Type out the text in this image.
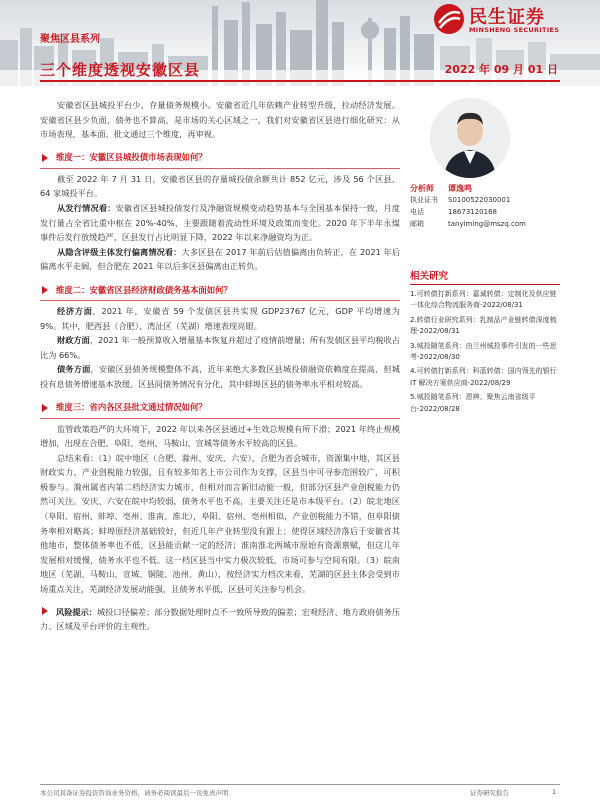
民生证券
MINSHENG SECURITIES
聚焦区县系列
三个维度透视安徽区县	2022 年 09 月 01 日

安徽省区县城投平台少，存量债务规模小。安徽省近几年依赖产业转型升级，拉动经济发展。安徽省区县少负面，债务也不算高，是市场的关心区域之一，我们对安徽省区县进行细化研究：从市场表现、基本面、批文通过三个维度，再审视。

维度一：安徽区县城投债市场表现如何？

截至 2022 年 7 月 31 日，安徽省区县的存量城投债余额共计 852 亿元，涉及 56 个区县、64 家城投平台。

从发行情况看：安徽省区县城投债发行及净融资规模变动趋势基本与全国基本保持一致，月度发行量占全省比重中枢在 20%-40%，主要跟随着流动性环境及政策而变化。2020 年下半年永煤事件后发行放缓趋严，区县发行占比明显下降，2022 年以来净融资均为正。

从隐含评级主体发行偏离情况看：大多区县在 2017 年前后估值偏离由负转正，在 2021 年后偏离水平走阔，但合肥在 2021 年以后多区县偏离由正转负。

维度二：安徽省区县经济财政债务基本面如何？

经济方面，2021 年，安徽省 59 个发债区县共实现 GDP23767 亿元，GDP 平均增速为 9%。其中，肥西县（合肥）、湾沚区（芜湖）增速表现亮眼。

财政方面，2021 年一般预算收入增量基本恢复并超过了疫情前增量；所有发债区县平均税收占比为 66%。

债务方面，安徽区县债务规模整体不高，近年来绝大多数区县城投债融资依赖度在提高，但城投有息债务增速基本放缓。区县间债务情况有分化，其中蚌埠区县的债务率水平相对较高。

维度三：省内各区县批文通过情况如何？

监管政策趋严的大环境下，2022 年以来各区县通过+生效总规模有所下滑；2021 年终止规模增加，出现在合肥、阜阳、亳州、马鞍山、宣城等债务水平较高的区县。

总结来看：（1）皖中地区（合肥、滁州、安庆、六安），合肥为省会城市，资源集中地，其区县财政实力、产业创税能力较强，且有较多知名上市公司作为支撑，区县当中可寻参范围较广，可积极参与。滁州属省内第二档经济实力城市，但相对而言新旧动能一般，但部分区县产业创税能力仍然可关注。安庆、六安在皖中均较弱，债务水平也不高，主要关注还是市本级平台。（2）皖北地区（阜阳、宿州、蚌埠、亳州、淮南、淮北），阜阳、宿州、亳州相似，产业创税能力不错，但阜阳债务率相对略高；蚌埠原经济基础较好，但近几年产业转型没有跟上；使得区域经济落后于安徽省其他地市，整体债务率也不低，区县能贡献一定的经济；淮南淮北两城市原始有资源禀赋，但这几年发展相对缓慢，债务水平也不低。这一档区县当中实力极次较低，市场可参与空间有限。（3）皖南地区（芜湖、马鞍山、宣城、铜陵、池州、黄山），按经济实力档次来看，芜湖的区县主体会受到市场重点关注，芜湖经济发展动能强，且债务水平低，区县可关注参与机会。

风险提示：城投口径偏差；部分数据处理时点不一致所导致的偏差；宏观经济、地方政府债务压力、区域及平台评价的主观性。

分析师	谭逸鸣
执业证书	S0100522030001
电话	18673120168
邮箱	tanyiming@mszq.com
相关研究
1.可转债打新系列：嘉诚转债：定制化及供应链一体化综合物流服务商-2022/08/31
2.转债行业研究系列：乳制品产业链转债深度梳理-2022/08/31
3.城投随笔系列：由兰州城投事件引发的一些思考-2022/08/30
4.可转债打新系列：科蓝转债：国内领先的银行 IT 解决方案供应商-2022/08/29
5.城投随笔系列：恩辨、聚焦云南省级平台-2022/08/28
本公司具备证券投资咨询业务资格，请务必阅读最后一页免责声明	证券研究报告	1
